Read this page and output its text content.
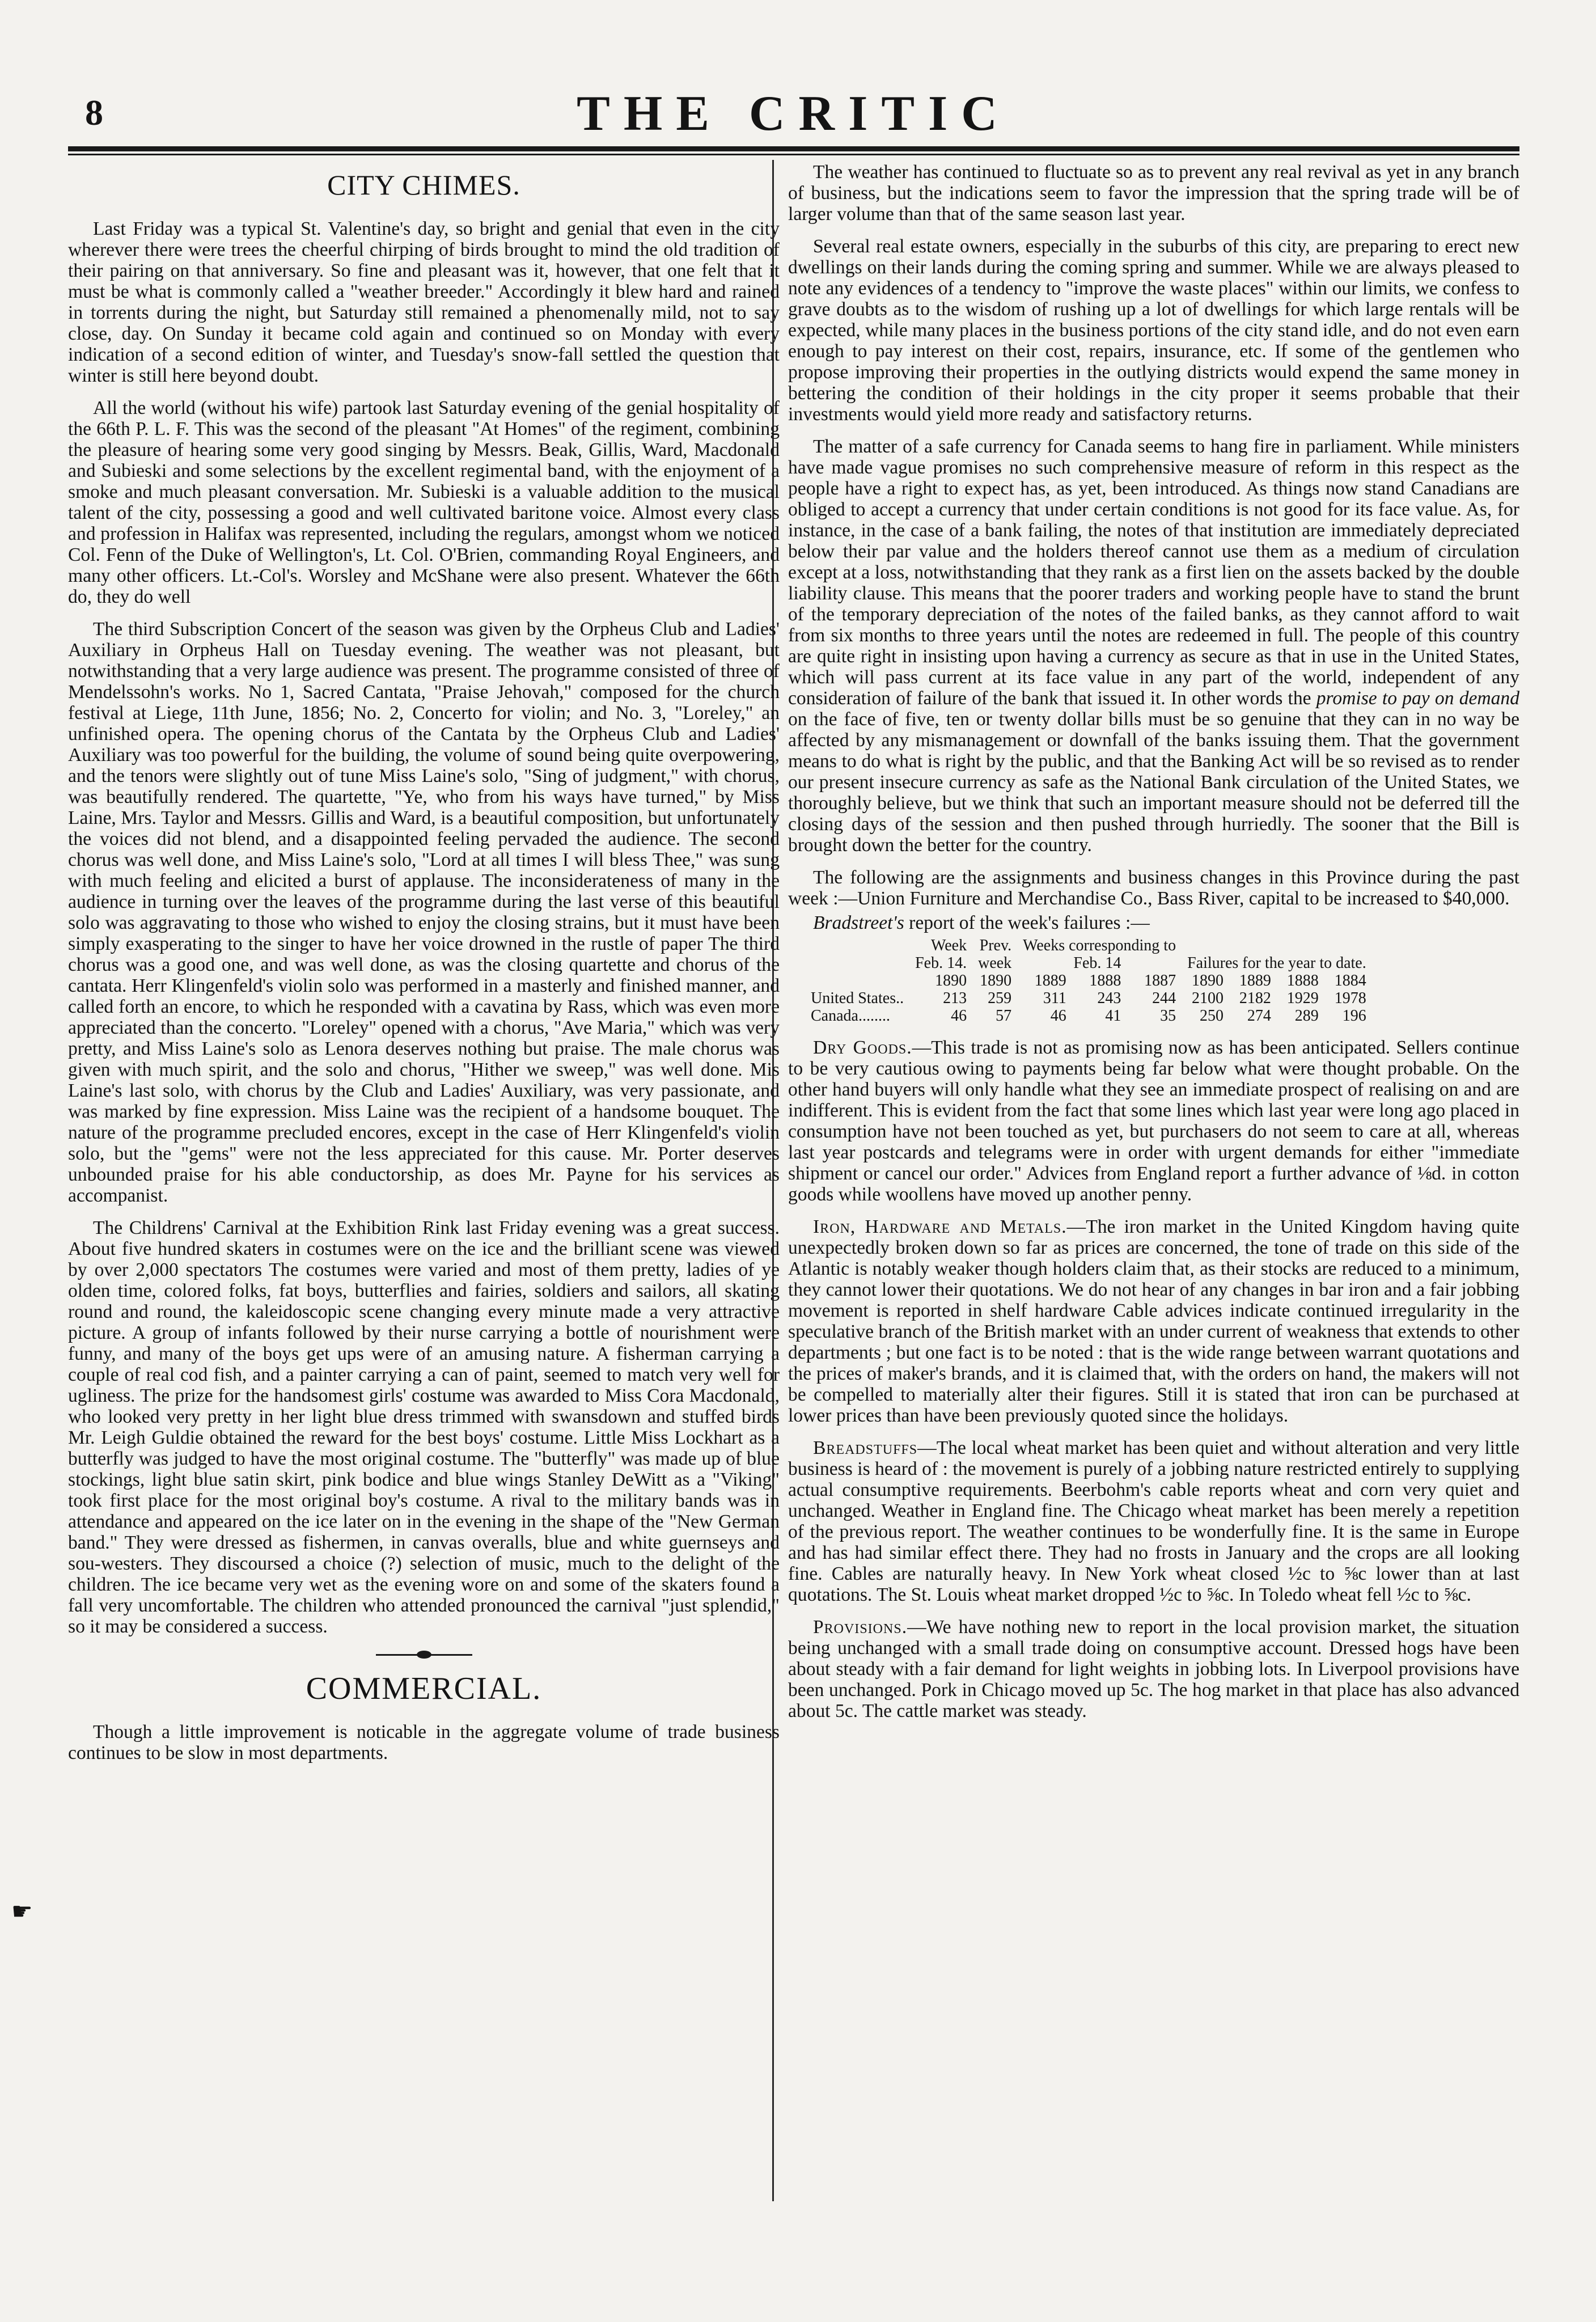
THE CRITIC
8
☛
CITY CHIMES.

Last Friday was a typical St. Valentine's day, so bright and genial that even in the city wherever there were trees the cheerful chirping of birds brought to mind the old tradition of their pairing on that anniversary. So fine and pleasant was it, however, that one felt that it must be what is commonly called a "weather breeder." Accordingly it blew hard and rained in torrents during the night, but Saturday still remained a phenomenally mild, not to say close, day. On Sunday it became cold again and continued so on Monday with every indication of a second edition of winter, and Tuesday's snow-fall settled the question that winter is still here beyond doubt.

All the world (without his wife) partook last Saturday evening of the genial hospitality of the 66th P. L. F. This was the second of the pleasant "At Homes" of the regiment, combining the pleasure of hearing some very good singing by Messrs. Beak, Gillis, Ward, Macdonald and Subieski and some selections by the excellent regimental band, with the enjoyment of a smoke and much pleasant conversation. Mr. Subieski is a valuable addition to the musical talent of the city, possessing a good and well cultivated baritone voice. Almost every class and profession in Halifax was represented, including the regulars, amongst whom we noticed Col. Fenn of the Duke of Wellington's, Lt. Col. O'Brien, commanding Royal Engineers, and many other officers. Lt.-Col's. Worsley and McShane were also present. Whatever the 66th do, they do well

The third Subscription Concert of the season was given by the Orpheus Club and Ladies' Auxiliary in Orpheus Hall on Tuesday evening. The weather was not pleasant, but notwithstanding that a very large audience was present. The programme consisted of three of Mendelssohn's works. No 1, Sacred Cantata, "Praise Jehovah," composed for the church festival at Liege, 11th June, 1856; No. 2, Concerto for violin; and No. 3, "Loreley," an unfinished opera. The opening chorus of the Cantata by the Orpheus Club and Ladies' Auxiliary was too powerful for the building, the volume of sound being quite overpowering, and the tenors were slightly out of tune Miss Laine's solo, "Sing of judgment," with chorus, was beautifully rendered. The quartette, "Ye, who from his ways have turned," by Miss Laine, Mrs. Taylor and Messrs. Gillis and Ward, is a beautiful composition, but unfortunately the voices did not blend, and a disappointed feeling pervaded the audience. The second chorus was well done, and Miss Laine's solo, "Lord at all times I will bless Thee," was sung with much feeling and elicited a burst of applause. The inconsiderateness of many in the audience in turning over the leaves of the programme during the last verse of this beautiful solo was aggravating to those who wished to enjoy the closing strains, but it must have been simply exasperating to the singer to have her voice drowned in the rustle of paper The third chorus was a good one, and was well done, as was the closing quartette and chorus of the cantata. Herr Klingenfeld's violin solo was performed in a masterly and finished manner, and called forth an encore, to which he responded with a cavatina by Rass, which was even more appreciated than the concerto. "Loreley" opened with a chorus, "Ave Maria," which was very pretty, and Miss Laine's solo as Lenora deserves nothing but praise. The male chorus was given with much spirit, and the solo and chorus, "Hither we sweep," was well done. Mis Laine's last solo, with chorus by the Club and Ladies' Auxiliary, was very passionate, and was marked by fine expression. Miss Laine was the recipient of a handsome bouquet. The nature of the programme precluded encores, except in the case of Herr Klingenfeld's violin solo, but the "gems" were not the less appreciated for this cause. Mr. Porter deserves unbounded praise for his able conductorship, as does Mr. Payne for his services as accompanist.

The Childrens' Carnival at the Exhibition Rink last Friday evening was a great success. About five hundred skaters in costumes were on the ice and the brilliant scene was viewed by over 2,000 spectators The costumes were varied and most of them pretty, ladies of ye olden time, colored folks, fat boys, butterflies and fairies, soldiers and sailors, all skating round and round, the kaleidoscopic scene changing every minute made a very attractive picture. A group of infants followed by their nurse carrying a bottle of nourishment were funny, and many of the boys get ups were of an amusing nature. A fisherman carrying a couple of real cod fish, and a painter carrying a can of paint, seemed to match very well for ugliness. The prize for the handsomest girls' costume was awarded to Miss Cora Macdonald, who looked very pretty in her light blue dress trimmed with swansdown and stuffed birds Mr. Leigh Guldie obtained the reward for the best boys' costume. Little Miss Lockhart as a butterfly was judged to have the most original costume. The "butterfly" was made up of blue stockings, light blue satin skirt, pink bodice and blue wings Stanley DeWitt as a "Viking" took first place for the most original boy's costume. A rival to the military bands was in attendance and appeared on the ice later on in the evening in the shape of the "New German band." They were dressed as fishermen, in canvas overalls, blue and white guernseys and sou-westers. They discoursed a choice (?) selection of music, much to the delight of the children. The ice became very wet as the evening wore on and some of the skaters found a fall very uncomfortable. The children who attended pronounced the carnival "just splendid," so it may be considered a success.

COMMERCIAL.

Though a little improvement is noticable in the aggregate volume of trade business continues to be slow in most departments.

The weather has continued to fluctuate so as to prevent any real revival as yet in any branch of business, but the indications seem to favor the impression that the spring trade will be of larger volume than that of the same season last year.

Several real estate owners, especially in the suburbs of this city, are preparing to erect new dwellings on their lands during the coming spring and summer. While we are always pleased to note any evidences of a tendency to "improve the waste places" within our limits, we confess to grave doubts as to the wisdom of rushing up a lot of dwellings for which large rentals will be expected, while many places in the business portions of the city stand idle, and do not even earn enough to pay interest on their cost, repairs, insurance, etc. If some of the gentlemen who propose improving their properties in the outlying districts would expend the same money in bettering the condition of their holdings in the city proper it seems probable that their investments would yield more ready and satisfactory returns.

The matter of a safe currency for Canada seems to hang fire in parliament. While ministers have made vague promises no such comprehensive measure of reform in this respect as the people have a right to expect has, as yet, been introduced. As things now stand Canadians are obliged to accept a currency that under certain conditions is not good for its face value. As, for instance, in the case of a bank failing, the notes of that institution are immediately depreciated below their par value and the holders thereof cannot use them as a medium of circulation except at a loss, notwithstanding that they rank as a first lien on the assets backed by the double liability clause. This means that the poorer traders and working people have to stand the brunt of the temporary depreciation of the notes of the failed banks, as they cannot afford to wait from six months to three years until the notes are redeemed in full. The people of this country are quite right in insisting upon having a currency as secure as that in use in the United States, which will pass current at its face value in any part of the world, independent of any consideration of failure of the bank that issued it. In other words the promise to pay on demand on the face of five, ten or twenty dollar bills must be so genuine that they can in no way be affected by any mismanagement or downfall of the banks issuing them. That the government means to do what is right by the public, and that the Banking Act will be so revised as to render our present insecure currency as safe as the National Bank circulation of the United States, we thoroughly believe, but we think that such an important measure should not be deferred till the closing days of the session and then pushed through hurriedly. The sooner that the Bill is brought down the better for the country.

The following are the assignments and business changes in this Province during the past week :—Union Furniture and Merchandise Co., Bass River, capital to be increased to $40,000.

Bradstreet's report of the week's failures :—

	Week	Prev.	Weeks corresponding to						
	Feb. 14.	week	Feb. 14			Failures for the year to date.			
	1890	1890	1889	1888	1887	1890	1889	1888	1884
United States..	213	259	311	243	244	2100	2182	1929	1978
Canada........	46	57	46	41	35	250	274	289	196

Dry Goods.—This trade is not as promising now as has been anticipated. Sellers continue to be very cautious owing to payments being far below what were thought probable. On the other hand buyers will only handle what they see an immediate prospect of realising on and are indifferent. This is evident from the fact that some lines which last year were long ago placed in consumption have not been touched as yet, but purchasers do not seem to care at all, whereas last year postcards and telegrams were in order with urgent demands for either "immediate shipment or cancel our order." Advices from England report a further advance of ⅛d. in cotton goods while woollens have moved up another penny.

Iron, Hardware and Metals.—The iron market in the United Kingdom having quite unexpectedly broken down so far as prices are concerned, the tone of trade on this side of the Atlantic is notably weaker though holders claim that, as their stocks are reduced to a minimum, they cannot lower their quotations. We do not hear of any changes in bar iron and a fair jobbing movement is reported in shelf hardware Cable advices indicate continued irregularity in the speculative branch of the British market with an under current of weakness that extends to other departments ; but one fact is to be noted : that is the wide range between warrant quotations and the prices of maker's brands, and it is claimed that, with the orders on hand, the makers will not be compelled to materially alter their figures. Still it is stated that iron can be purchased at lower prices than have been previously quoted since the holidays.

Breadstuffs—The local wheat market has been quiet and without alteration and very little business is heard of : the movement is purely of a jobbing nature restricted entirely to supplying actual consumptive requirements. Beerbohm's cable reports wheat and corn very quiet and unchanged. Weather in England fine. The Chicago wheat market has been merely a repetition of the previous report. The weather continues to be wonderfully fine. It is the same in Europe and has had similar effect there. They had no frosts in January and the crops are all looking fine. Cables are naturally heavy. In New York wheat closed ½c to ⅝c lower than at last quotations. The St. Louis wheat market dropped ½c to ⅝c. In Toledo wheat fell ½c to ⅝c.

Provisions.—We have nothing new to report in the local provision market, the situation being unchanged with a small trade doing on consumptive account. Dressed hogs have been about steady with a fair demand for light weights in jobbing lots. In Liverpool provisions have been unchanged. Pork in Chicago moved up 5c. The hog market in that place has also advanced about 5c. The cattle market was steady.
